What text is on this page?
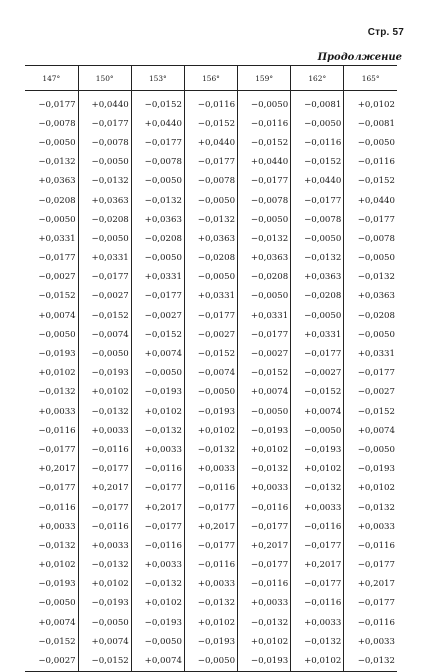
Стр. 57
Продолжение
147°	150°	153°	156°	159°	162°	165°
−0,0177	+0,0440	−0,0152	−0,0116	−0,0050	−0,0081	+0,0102
−0,0078	−0,0177	+0,0440	−0,0152	−0,0116	−0,0050	−0,0081
−0,0050	−0,0078	−0,0177	+0,0440	−0,0152	−0,0116	−0,0050
−0,0132	−0,0050	−0,0078	−0,0177	+0,0440	−0,0152	−0,0116
+0,0363	−0,0132	−0,0050	−0,0078	−0,0177	+0,0440	−0,0152
−0,0208	+0,0363	−0,0132	−0,0050	−0,0078	−0,0177	+0,0440
−0,0050	−0,0208	+0,0363	−0,0132	−0,0050	−0,0078	−0,0177
+0,0331	−0,0050	−0,0208	+0,0363	−0,0132	−0,0050	−0,0078
−0,0177	+0,0331	−0,0050	−0,0208	+0,0363	−0,0132	−0,0050
−0,0027	−0,0177	+0,0331	−0,0050	−0,0208	+0,0363	−0,0132
−0,0152	−0,0027	−0,0177	+0,0331	−0,0050	−0,0208	+0,0363
+0,0074	−0,0152	−0,0027	−0,0177	+0,0331	−0,0050	−0,0208
−0,0050	−0,0074	−0,0152	−0,0027	−0,0177	+0,0331	−0,0050
−0,0193	−0,0050	+0,0074	−0,0152	−0,0027	−0,0177	+0,0331
+0,0102	−0,0193	−0,0050	−0,0074	−0,0152	−0,0027	−0,0177
−0,0132	+0,0102	−0,0193	−0,0050	+0,0074	−0,0152	−0,0027
+0,0033	−0,0132	+0,0102	−0,0193	−0,0050	+0,0074	−0,0152
−0,0116	+0,0033	−0,0132	+0,0102	−0,0193	−0,0050	+0,0074
−0,0177	−0,0116	+0,0033	−0,0132	+0,0102	−0,0193	−0,0050
+0,2017	−0,0177	−0,0116	+0,0033	−0,0132	+0,0102	−0,0193
−0,0177	+0,2017	−0,0177	−0,0116	+0,0033	−0,0132	+0,0102
−0,0116	−0,0177	+0,2017	−0,0177	−0,0116	+0,0033	−0,0132
+0,0033	−0,0116	−0,0177	+0,2017	−0,0177	−0,0116	+0,0033
−0,0132	+0,0033	−0,0116	−0,0177	+0,2017	−0,0177	−0,0116
+0,0102	−0,0132	+0,0033	−0,0116	−0,0177	+0,2017	−0,0177
−0,0193	+0,0102	−0,0132	+0,0033	−0,0116	−0,0177	+0,2017
−0,0050	−0,0193	+0,0102	−0,0132	+0,0033	−0,0116	−0,0177
+0,0074	−0,0050	−0,0193	+0,0102	−0,0132	+0,0033	−0,0116
−0,0152	+0,0074	−0,0050	−0,0193	+0,0102	−0,0132	+0,0033
−0,0027	−0,0152	+0,0074	−0,0050	−0,0193	+0,0102	−0,0132
